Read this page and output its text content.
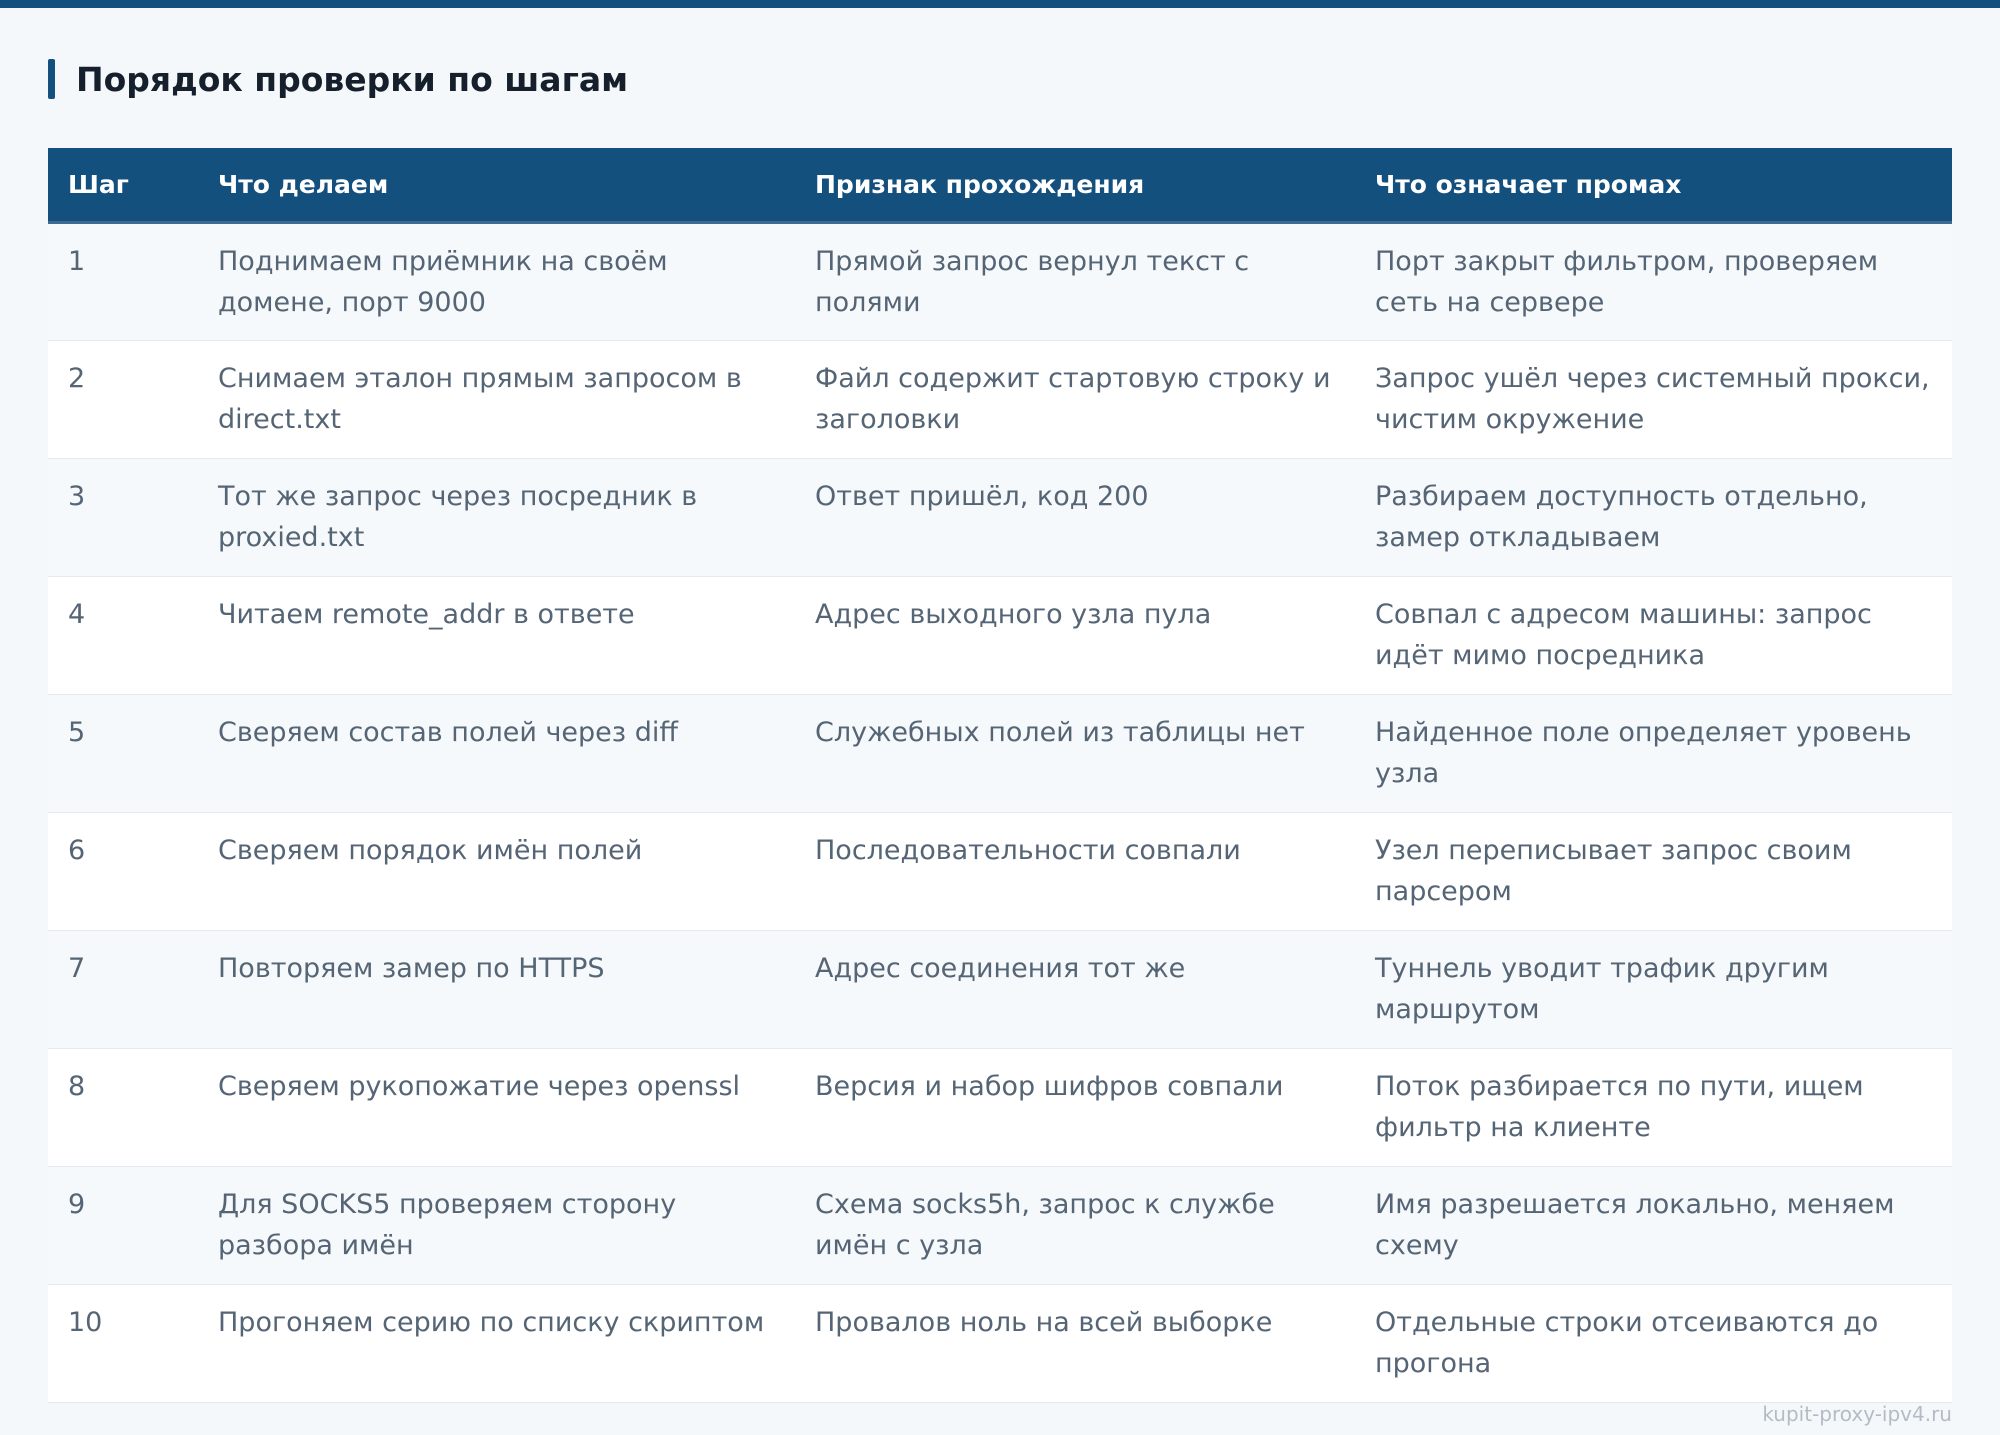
Порядок проверки по шагам
Шаг	Что делаем	Признак прохождения	Что означает промах
1	Поднимаем приёмник на своём домене, порт 9000	Прямой запрос вернул текст с полями	Порт закрыт фильтром, проверяем сеть на сервере
2	Снимаем эталон прямым запросом в direct.txt	Файл содержит стартовую строку и заголовки	Запрос ушёл через системный прокси, чистим окружение
3	Тот же запрос через посредник в proxied.txt	Ответ пришёл, код 200	Разбираем доступность отдельно, замер откладываем
4	Читаем remote_addr в ответе	Адрес выходного узла пула	Совпал с адресом машины: запрос идёт мимо посредника
5	Сверяем состав полей через diff	Служебных полей из таблицы нет	Найденное поле определяет уровень узла
6	Сверяем порядок имён полей	Последовательности совпали	Узел переписывает запрос своим парсером
7	Повторяем замер по HTTPS	Адрес соединения тот же	Туннель уводит трафик другим маршрутом
8	Сверяем рукопожатие через openssl	Версия и набор шифров совпали	Поток разбирается по пути, ищем фильтр на клиенте
9	Для SOCKS5 проверяем сторону разбора имён	Схема socks5h, запрос к службе имён с узла	Имя разрешается локально, меняем схему
10	Прогоняем серию по списку скриптом	Провалов ноль на всей выборке	Отдельные строки отсеиваются до прогона
kupit-proxy-ipv4.ru
